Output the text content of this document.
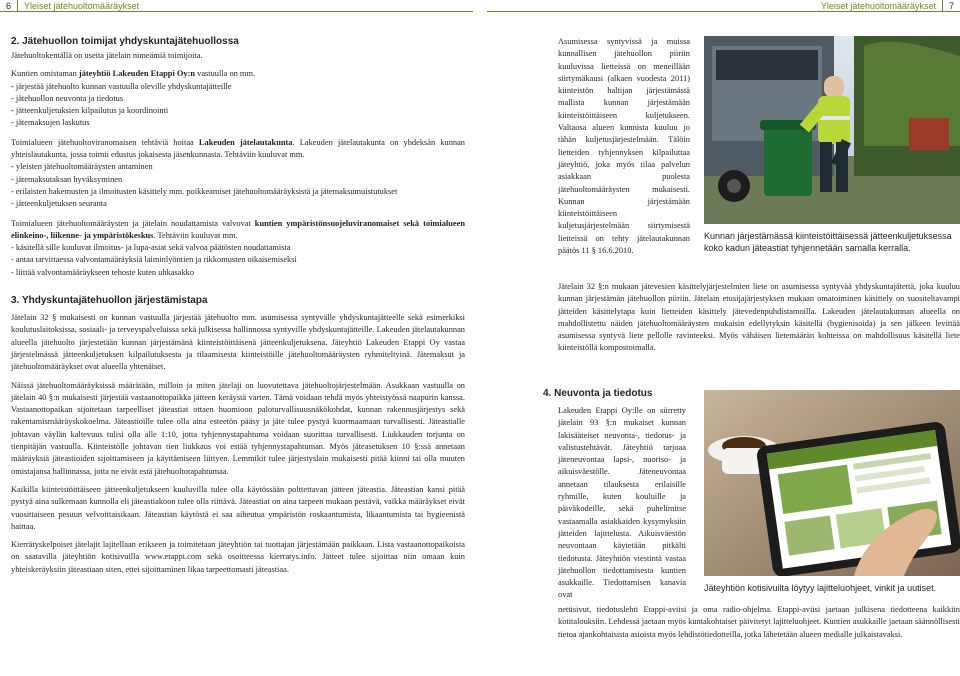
6	Yleiset jätehuoltomääräykset	Yleiset jätehuoltomääräykset	7
2. Jätehuollon toimijat yhdyskuntajätehuollossa

Jätehuoltokentällä on useita jätelain nimeämiä toimijoita.

Kuntien omistaman jäteyhtiö Lakeuden Etappi Oy:n vastuulla on mm.

- järjestää jätehuolto kunnan vastuulla oleville yhdyskuntajätteille
- jätehuollon neuvonta ja tiedotus
- jätteenkuljetuksien kilpailutus ja koordinointi
- jätemaksujen laskutus

Toimialueen jätehuoltoviranomaisen tehtäviä hoitaa Lakeuden jätelautakunta. Lakeuden jätelautakunta on yhdeksän kunnan yhteislautakunta, jossa toimii edustus jokaisesta jäsenkunnasta. Tehtäviin kuuluvat mm.

- yleisten jätehuoltomääräysten antaminen
- jätemaksutaksan hyväksyminen
- erilaisten hakemusten ja ilmoitusten käsittely mm. poikkeamiset jätehuoltomääräyksistä ja jätemaksumuistutukset
- jätteenkuljetuksen seuranta

Toimialueen jätehuoltomääräysten ja jätelain noudattamista valvovat kuntien ympäristönsuojeluviranomaiset sekä toimialueen elinkeino-, liikenne- ja ympäristökeskus. Tehtäviin kuuluvat mm.

- käsitellä sille kuuluvat ilmoitus- ja lupa-asiat sekä valvoa päätösten noudattamista
- antaa tarvittaessa valvontamääräyksiä laiminlyöntien ja rikkomusten oikaisemiseksi
- liittää valvontamääräykseen tehoste kuten uhkasakko
3. Yhdyskuntajätehuollon järjestämistapa

Jätelain 32 § mukaisesti on kunnan vastuulla järjestää jätehuolto mm. asumisessa syntyvälle yhdyskuntajätteelle sekä esimerkiksi koulutuslaitoksissa, sosiaali- ja terveyspalveluissa sekä julkisessa hallinnossa syntyville yhdyskuntajätteille. Lakeuden jätelautakunnan alueella jätehuolto järjestetään kunnan järjestämänä kiinteistöittäisenä jätteenkuljetuksena. Jäteyhtiö Lakeuden Etappi Oy vastaa järjestelmässä jätteenkuljetuksen kilpailutuksesta ja tilaamisesta kiinteistöille jätehuoltomääräysten ryhmiteltyinä. Jätemaksut ja jätehuoltomääräykset ovat alueella yhtenäiset.

Näissä jätehuoltomääräyksissä määrätään, milloin ja miten jätelaji on luovutettava jätehuoltojärjestelmään. Asukkaan vastuulla on jätelain 40 §:n mukaisesti järjestää vastaanottopaikka jätteen keräystä varten. Tämä voidaan tehdä myös yhteistyössä naapurin kanssa. Vastaanottopaikan sijoitetaan tarpeelliset jäteastiat ottaen huomioon paloturvallisuusnäkökohdat, kunnan rakennusjärjestys sekä rakentamismääräyskokoelma. Jäteastioille tulee olla aina esteetön pääsy ja jäte tulee pystyä kuormaamaan turvallisesti. Jäteastialle johtavan väylän kaltevuus tulisi olla alle 1:10, jotta tyhjennystapahtuma voidaan suorittaa turvallisesti. Liukkauden torjunta on tienpitäjän vastuulla. Kiinteistölle johtavan tien liukkaus voi estää tyhjennystapahtuman. Myös jäteasetuksen 10 §:ssä annetaan määräyksiä jäteastioiden sijoittamiseen ja käyttämiseen liittyen. Lemmikit tulee järjestyslain mukaisesti pitää kiinni tai olla muuten omistajansa hallinnassa, jotta ne eivät estä jätehuoltotapahtumaa.

Kaikilla kiinteistöittäiseen jätteenkuljetukseen kuuluvilla tulee olla käytössään polttettavan jätteen jäteastia. Jäteastian kansi pitää pystyä aina sulkemaan kunnolla eli jäteastiakoon tulee olla riittävä. Jäteastiat on aina tarpeen mukaan pestävä, vaikka määräykset eivät vuosittaiseen pesuun velvoittaisikaan. Jäteastian käytöstä ei saa aiheutua ympäristön roskaantumista, likaantumista tai hygieenistä haittaa.

Kierrätyskelpoiset jätelajit lajitellaan erikseen ja toimitetaan jäteyhtiön tai tuottajan järjestämään paikkaan. Lista vastaanottopaikoista on saatavilla jäteyhtiön kotisivuilla www.etappi.com sekä osoitteessa kierratys.info. Jätteet tulee sijoittaa niin omaan kuin yhteiskeräyksiin jäteastiaan siten, ettei sijoittaminen likaa tarpeettomasti jäteastiaa.

Asumisessa syntyvissä ja muissa kunnallisen jätehuollon piiriin kuuluvissa lietteissä on meneillään siirtymäkausi (alkaen vuodesta 2011) kiinteistön haltijan järjestämästä mallista kunnan järjestämään kiinteistöittäiseen kuljetukseen. Valtaosa alueen kunnista kuuluu jo tähän kuljetusjärjestelmään. Tälöin lietteiden tyhjennyksen kilpailuttaa jäteyhtiö, joka myös tilaa palvelun asiakkaan puolesta jätehuoltomääräysten mukaisesti. Kunnan järjestämään kiinteistöittäiseen kuljetusjärjestelmään siirtymisestä lietteissä on tehty jätelautakunnan päätös 11 § 16.6.2010.

Kunnan järjestämässä kiinteistöittäisessä jätteenkuljetuksessa koko kadun jäteastiat tyhjennetään samalla kerralla.

Jätelain 32 §:n mukaan jätevesien käsittelyjärjestelmien liete on asumisessa syntyvää yhdyskuntajätettä, joka kuuluu kunnan järjestämän jätehuollon piiriin. Jätelain etusijajärjestyksen mukaan omatoiminen käsittely on suositeltavampi jätteiden käsittelytapa kuin lietteiden käsittely jätevedenpuhdistamoilla. Lakeuden jätelautakunnan alueella on mahdollistettu näiden jätehuoltomääräysten mukaisin edellytyksin käsitellä (hygienisoida) ja sen jälkeen levittää asumisessa syntyvä liete pellolle ravinteeksi. Myös vähäisen lietemäärän kohteissa on mahdollisuus käsitellä liete kiinteistöllä kompostoimalla.

4. Neuvonta ja tiedotus

Lakeuden Etappi Oy:lle on siirretty jätelain 93 §:n mukaiset kunnan lakisääteiset neuvonta-, tiedotus- ja valistustehtävät. Jäteyhtiö tarjoaa jäteneuvontaa lapsi-, nuoriso- ja aikuisväestölle. Jäteneuvontaa annetaan tilauksesta erilaisille ryhmille, kuten kouluille ja päiväkodeille, sekä puhelimitse vastaamalla asiakkaiden kysymyksiin jätteiden lajittelusta. Aikuisväestön neuvontaan käytetään pitkälti tiedotusta. Jäteyhtiön viestintä vastaa jätehuollon tiedottamisesta kuntien asukkaille. Tiedottamisen kanavia ovat

Jäteyhtiön kotisivuilta löytyy lajitteluohjeet, vinkit ja uutiset.

nettisivut, tiedotuslehti Etappi-aviisi ja oma radio-ohjelma. Etappi-aviisi jaetaan julkisena tiedotteena kaikkiin kotitalouksiin. Lehdessä jaetaan myös kuntakohtaiset päivitetyt lajitteluohjeet. Kuntien asukkaille jaetaan säännöllisesti tietoa ajankohtaisista asioista myös lehdistötiedotteilla, jotka lähetetään alueen medialle julkaistavaksi.
